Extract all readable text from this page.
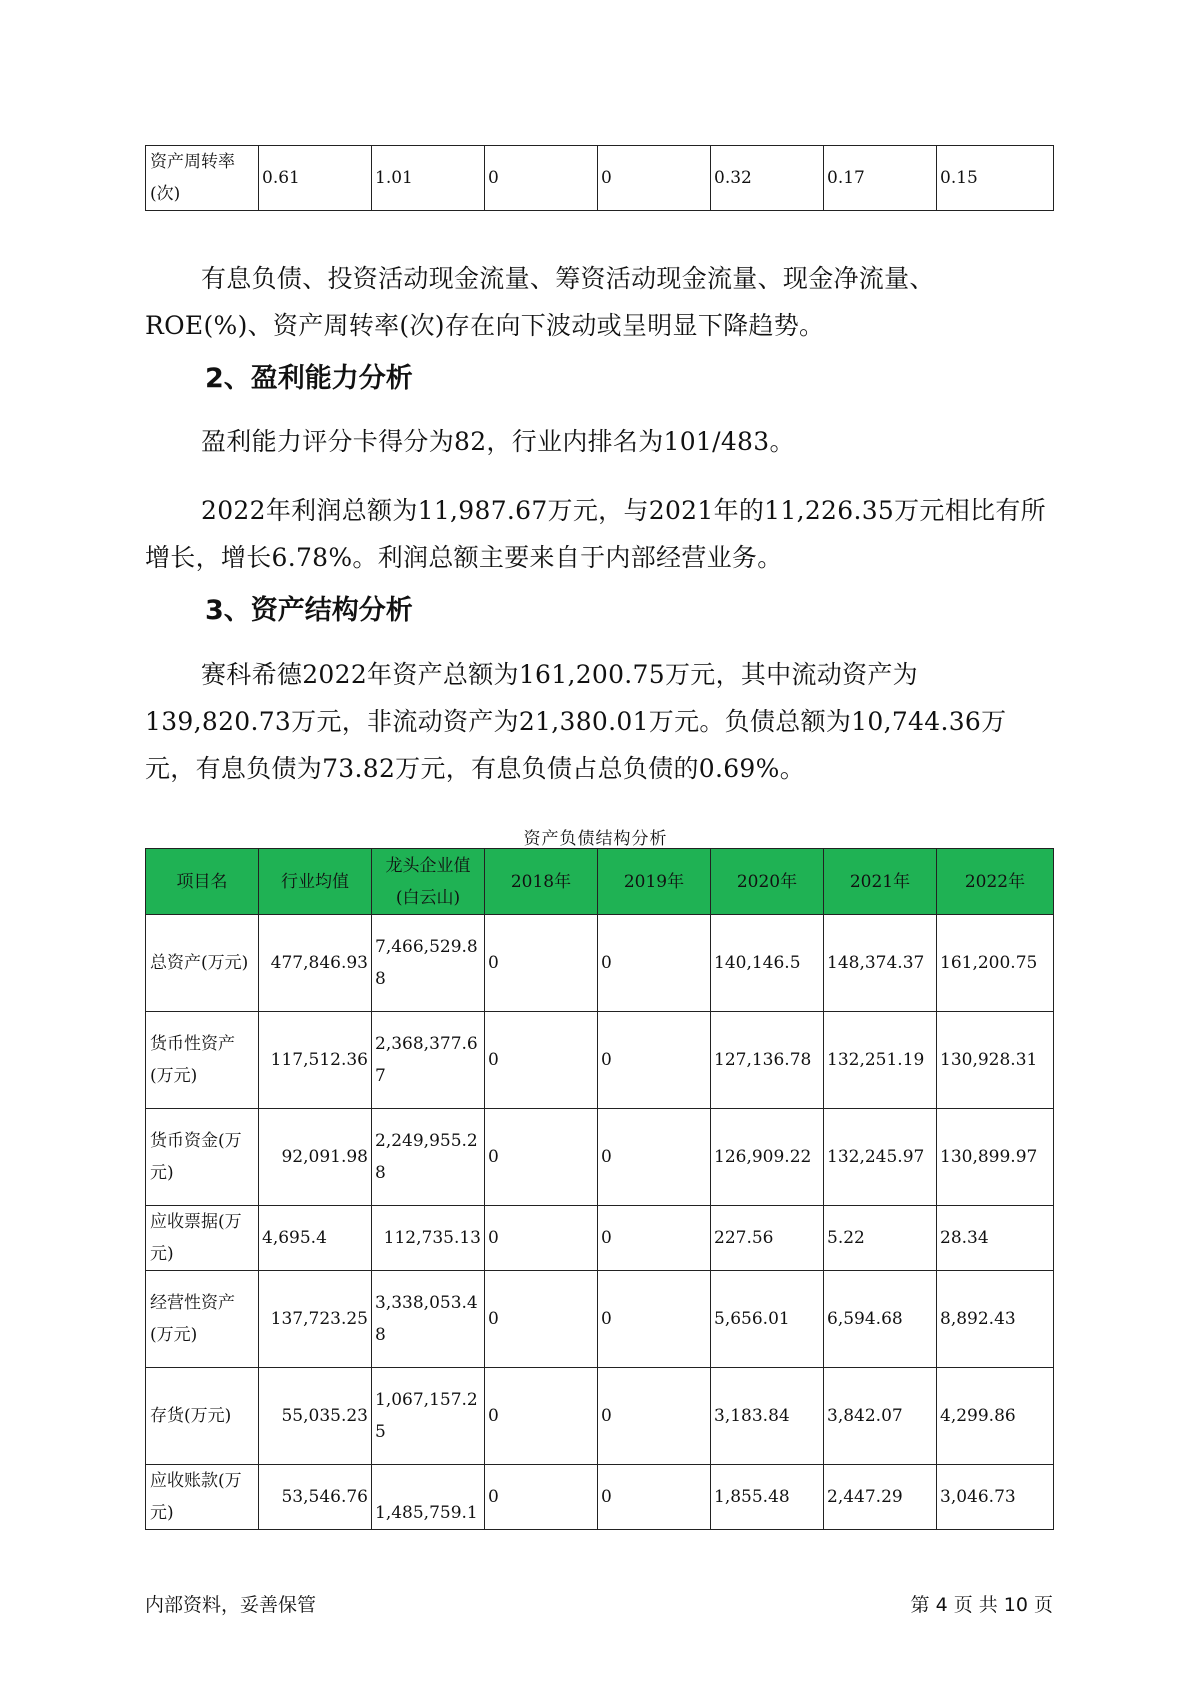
资产周转率(次)	0.61	1.01	0	0	0.32	0.17	0.15

有息负债、投资活动现金流量、筹资活动现金流量、现金净流量、ROE(%)、资产周转率(次)存在向下波动或呈明显下降趋势。

2、盈利能力分析

盈利能力评分卡得分为82，行业内排名为101/483。

2022年利润总额为11,987.67万元，与2021年的11,226.35万元相比有所增长，增长6.78%。利润总额主要来自于内部经营业务。

3、资产结构分析

赛科希德2022年资产总额为161,200.75万元，其中流动资产为139,820.73万元，非流动资产为21,380.01万元。负债总额为10,744.36万元，有息负债为73.82万元，有息负债占总负债的0.69%。

资产负债结构分析
项目名	行业均值	龙头企业值(白云山)	2018年	2019年	2020年	2021年	2022年
总资产(万元)	477,846.93	7,466,529.88	0	0	140,146.5	148,374.37	161,200.75
货币性资产(万元)	117,512.36	2,368,377.67	0	0	127,136.78	132,251.19	130,928.31
货币资金(万元)	92,091.98	2,249,955.28	0	0	126,909.22	132,245.97	130,899.97
应收票据(万元)	4,695.4	112,735.13	0	0	227.56	5.22	28.34
经营性资产(万元)	137,723.25	3,338,053.48	0	0	5,656.01	6,594.68	8,892.43
存货(万元)	55,035.23	1,067,157.25	0	0	3,183.84	3,842.07	4,299.86
应收账款(万元)	53,546.76	1,485,759.1	0	0	1,855.48	2,447.29	3,046.73
内部资料，妥善保管	第 4 页 共 10 页
